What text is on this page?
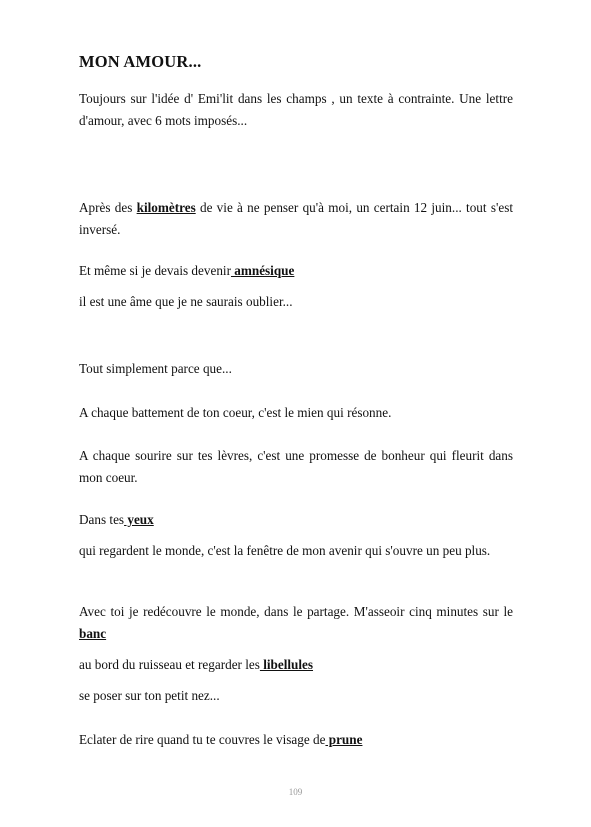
MON AMOUR...
Toujours sur l'idée d' Emi'lit dans les champs , un texte à contrainte. Une lettre d'amour, avec 6 mots imposés...
Après des kilomètres de vie à ne penser qu'à moi, un certain 12 juin... tout s'est inversé.
Et même si je devais devenir amnésique
il est une âme que je ne saurais oublier...
Tout simplement parce que...
A chaque battement de ton coeur, c'est le mien qui résonne.
A chaque sourire sur tes lèvres, c'est une promesse de bonheur qui fleurit dans mon coeur.
Dans tes yeux
qui regardent le monde, c'est la fenêtre de mon avenir qui s'ouvre un peu plus.
Avec toi je redécouvre le monde, dans le partage. M'asseoir cinq minutes sur le banc
au bord du ruisseau et regarder les libellules
se poser sur ton petit nez...
Eclater de rire quand tu te couvres le visage de prune
109
